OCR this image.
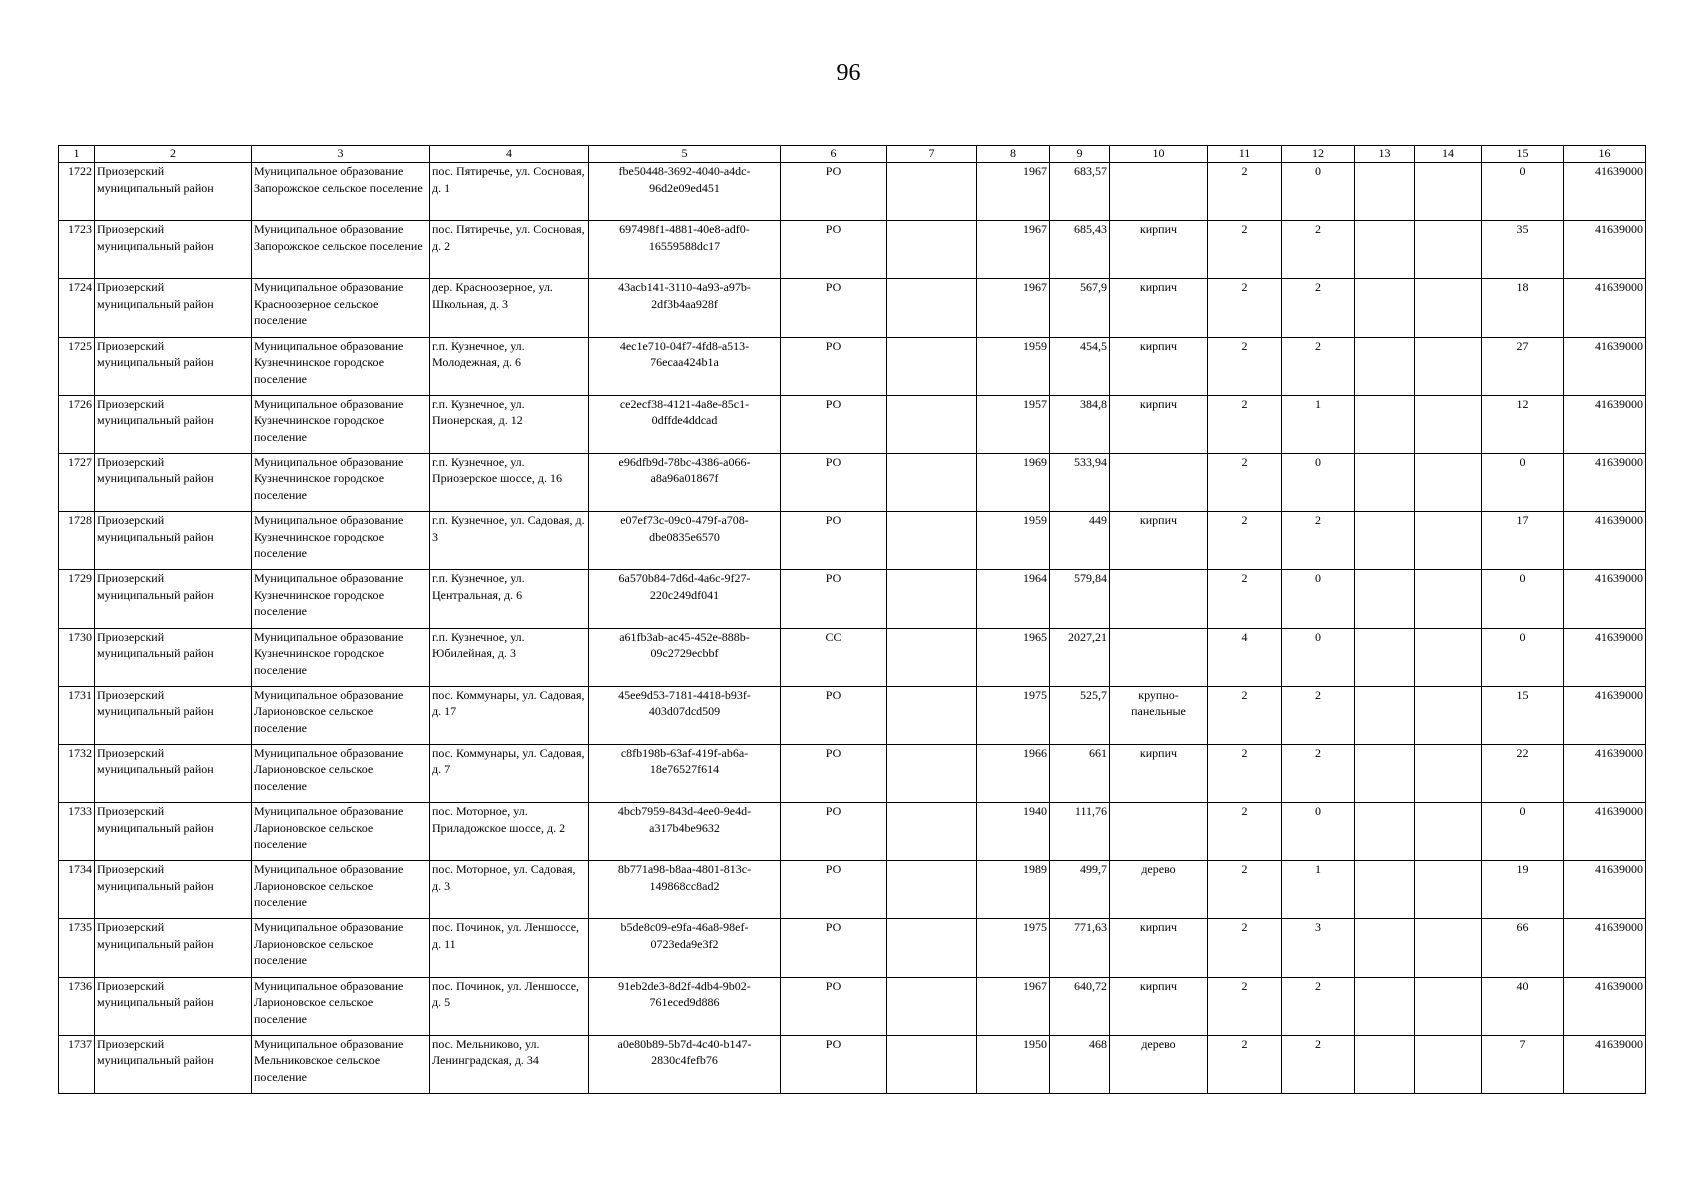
96
1	2	3	4	5	6	7	8	9	10	11	12	13	14	15	16
1722	Приозерский муниципальный район	Муниципальное образование Запорожское сельское поселение	пос. Пятиречье, ул. Сосновая, д. 1	fbe50448-3692-4040-a4dc-96d2e09ed451	РО		1967	683,57		2	0			0	41639000
1723	Приозерский муниципальный район	Муниципальное образование Запорожское сельское поселение	пос. Пятиречье, ул. Сосновая, д. 2	697498f1-4881-40e8-adf0-16559588dc17	РО		1967	685,43	кирпич	2	2			35	41639000
1724	Приозерский муниципальный район	Муниципальное образование Красноозерное сельское поселение	дер. Красноозерное, ул. Школьная, д. 3	43acb141-3110-4a93-a97b-2df3b4aa928f	РО		1967	567,9	кирпич	2	2			18	41639000
1725	Приозерский муниципальный район	Муниципальное образование Кузнечнинское городское поселение	г.п. Кузнечное, ул. Молодежная, д. 6	4ec1e710-04f7-4fd8-a513-76ecaa424b1a	РО		1959	454,5	кирпич	2	2			27	41639000
1726	Приозерский муниципальный район	Муниципальное образование Кузнечнинское городское поселение	г.п. Кузнечное, ул. Пионерская, д. 12	ce2ecf38-4121-4a8e-85c1-0dffde4ddcad	РО		1957	384,8	кирпич	2	1			12	41639000
1727	Приозерский муниципальный район	Муниципальное образование Кузнечнинское городское поселение	г.п. Кузнечное, ул. Приозерское шоссе, д. 16	e96dfb9d-78bc-4386-a066-a8a96a01867f	РО		1969	533,94		2	0			0	41639000
1728	Приозерский муниципальный район	Муниципальное образование Кузнечнинское городское поселение	г.п. Кузнечное, ул. Садовая, д. 3	e07ef73c-09c0-479f-a708-dbe0835e6570	РО		1959	449	кирпич	2	2			17	41639000
1729	Приозерский муниципальный район	Муниципальное образование Кузнечнинское городское поселение	г.п. Кузнечное, ул. Центральная, д. 6	6a570b84-7d6d-4a6c-9f27-220c249df041	РО		1964	579,84		2	0			0	41639000
1730	Приозерский муниципальный район	Муниципальное образование Кузнечнинское городское поселение	г.п. Кузнечное, ул. Юбилейная, д. 3	a61fb3ab-ac45-452e-888b-09c2729ecbbf	СС		1965	2027,21		4	0			0	41639000
1731	Приозерский муниципальный район	Муниципальное образование Ларионовское сельское поселение	пос. Коммунары, ул. Садовая, д. 17	45ee9d53-7181-4418-b93f-403d07dcd509	РО		1975	525,7	крупно-панельные	2	2			15	41639000
1732	Приозерский муниципальный район	Муниципальное образование Ларионовское сельское поселение	пос. Коммунары, ул. Садовая, д. 7	c8fb198b-63af-419f-ab6a-18e76527f614	РО		1966	661	кирпич	2	2			22	41639000
1733	Приозерский муниципальный район	Муниципальное образование Ларионовское сельское поселение	пос. Моторное, ул. Приладожское шоссе, д. 2	4bcb7959-843d-4ee0-9e4d-a317b4be9632	РО		1940	111,76		2	0			0	41639000
1734	Приозерский муниципальный район	Муниципальное образование Ларионовское сельское поселение	пос. Моторное, ул. Садовая, д. 3	8b771a98-b8aa-4801-813c-149868cc8ad2	РО		1989	499,7	дерево	2	1			19	41639000
1735	Приозерский муниципальный район	Муниципальное образование Ларионовское сельское поселение	пос. Починок, ул. Леншоссе, д. 11	b5de8c09-e9fa-46a8-98ef-0723eda9e3f2	РО		1975	771,63	кирпич	2	3			66	41639000
1736	Приозерский муниципальный район	Муниципальное образование Ларионовское сельское поселение	пос. Починок, ул. Леншоссе, д. 5	91eb2de3-8d2f-4db4-9b02-761eced9d886	РО		1967	640,72	кирпич	2	2			40	41639000
1737	Приозерский муниципальный район	Муниципальное образование Мельниковское сельское поселение	пос. Мельниково, ул. Ленинградская, д. 34	a0e80b89-5b7d-4c40-b147-2830c4fefb76	РО		1950	468	дерево	2	2			7	41639000
